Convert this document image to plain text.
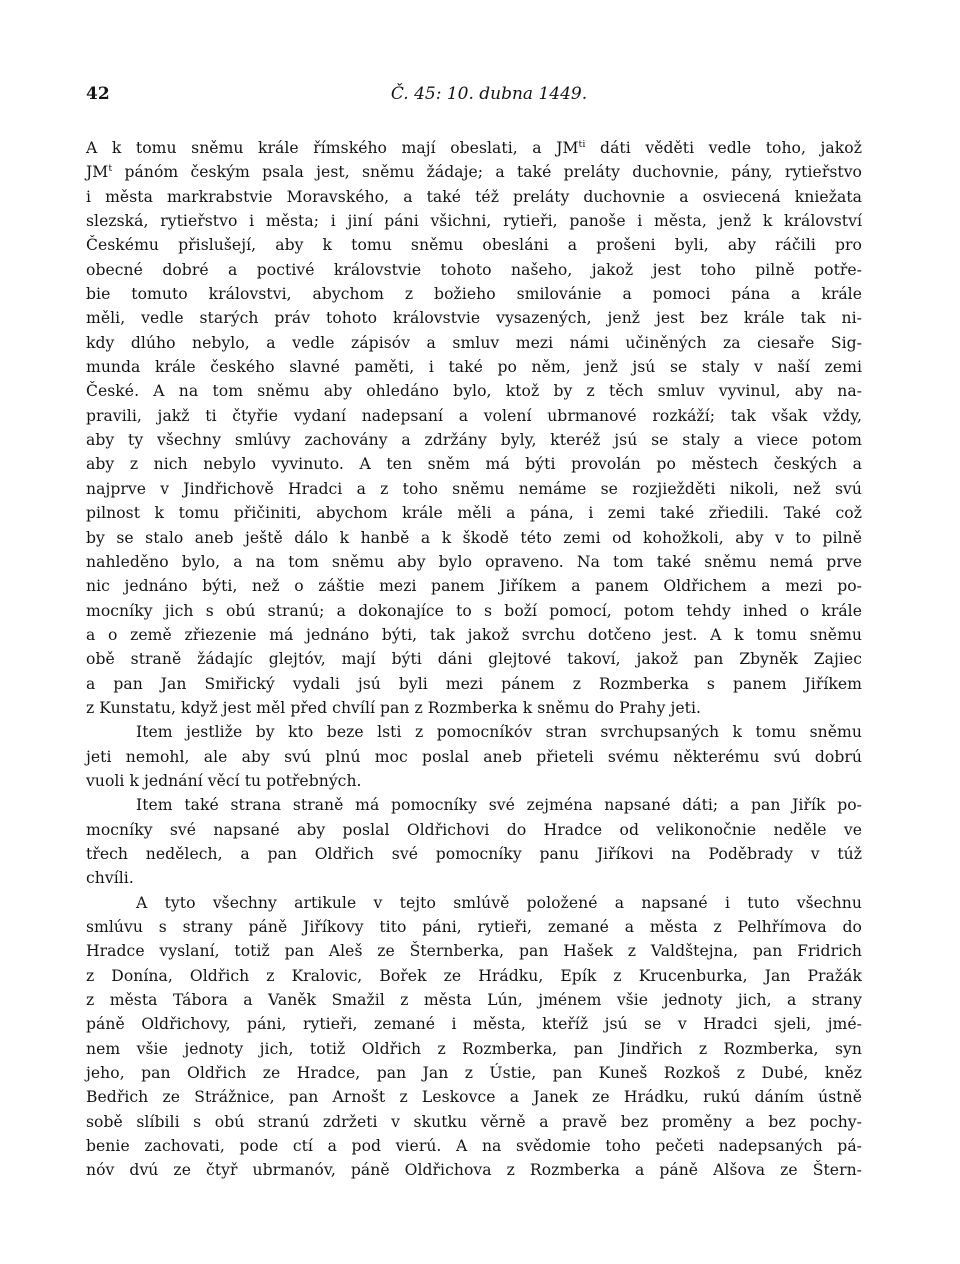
42	Č. 45: 10. dubna 1449.
A k tomu sněmu krále římského mají obeslati, a $JM^{ti}$ dáti věděti vedle toho, jakož
$JM^t$ pánóm českým psala jest, sněmu žádaje; a také preláty duchovnie, pány, rytieřstvo
i města markrabstvie Moravského, a také též preláty duchovnie a osviecená kniežata
slezská, rytieřstvo i města; i jiní páni všichni, rytieři, panoše i města, jenž k království
Českému přislušejí, aby k tomu sněmu obesláni a prošeni byli, aby ráčili pro
obecné dobré a poctivé královstvie tohoto našeho, jakož jest toho pilně potře-
bie tomuto královstvi, abychom z božieho smilovánie a pomoci pána a krále
měli, vedle starých práv tohoto královstvie vysazených, jenž jest bez krále tak ni-
kdy dlúho nebylo, a vedle zápisóv a smluv mezi námi učiněných za ciesaře Sig-
munda krále českého slavné paměti, i také po něm, jenž jsú se staly v naší zemi
České. A na tom sněmu aby ohledáno bylo, ktož by z těch smluv vyvinul, aby na-
pravili, jakž ti čtyřie vydaní nadepsaní a volení ubrmanové rozkáží; tak však vždy,
aby ty všechny smlúvy zachovány a zdržány byly, kteréž jsú se staly a viece potom
aby z nich nebylo vyvinuto. A ten sněm má býti provolán po městech českých a
najprve v Jindřichově Hradci a z toho sněmu nemáme se rozjiežděti nikoli, než svú
pilnost k tomu přičiniti, abychom krále měli a pána, i zemi také zřiedili. Také což
by se stalo aneb ještě dálo k hanbě a k škodě této zemi od kohožkoli, aby v to pilně
nahleděno bylo, a na tom sněmu aby bylo opraveno. Na tom také sněmu nemá prve
nic jednáno býti, než o záštie mezi panem Jiříkem a panem Oldřichem a mezi po-
mocníky jich s obú stranú; a dokonajíce to s boží pomocí, potom tehdy inhed o krále
a o země zřiezenie má jednáno býti, tak jakož svrchu dotčeno jest. A k tomu sněmu
obě straně žádajíc glejtóv, mají býti dáni glejtové takoví, jakož pan Zbyněk Zajiec
a pan Jan Smiřický vydali jsú byli mezi pánem z Rozmberka s panem Jiříkem
z Kunstatu, když jest měl před chvílí pan z Rozmberka k sněmu do Prahy jeti.
Item jestliže by kto beze lsti z pomocníkóv stran svrchupsaných k tomu sněmu
jeti nemohl, ale aby svú plnú moc poslal aneb přieteli svému některému svú dobrú
vuoli k jednání věcí tu potřebných.
Item také strana straně má pomocníky své zejména napsané dáti; a pan Jiřík po-
mocníky své napsané aby poslal Oldřichovi do Hradce od velikonočnie neděle ve
třech nedělech, a pan Oldřich své pomocníky panu Jiříkovi na Poděbrady v túž
chvíli.
A tyto všechny artikule v tejto smlúvě položené a napsané i tuto všechnu
smlúvu s strany páně Jiříkovy tito páni, rytieři, zemané a města z Pelhřímova do
Hradce vyslaní, totiž pan Aleš ze Šternberka, pan Hašek z Valdštejna, pan Fridrich
z Donína, Oldřich z Kralovic, Bořek ze Hrádku, Epík z Krucenburka, Jan Pražák
z města Tábora a Vaněk Smažil z města Lún, jménem všie jednoty jich, a strany
páně Oldřichovy, páni, rytieři, zemané i města, kteříž jsú se v Hradci sjeli, jmé-
nem všie jednoty jich, totiž Oldřich z Rozmberka, pan Jindřich z Rozmberka, syn
jeho, pan Oldřich ze Hradce, pan Jan z Ústie, pan Kuneš Rozkoš z Dubé, kněz
Bedřich ze Strážnice, pan Arnošt z Leskovce a Janek ze Hrádku, rukú dáním ústně
sobě slíbili s obú stranú zdržeti v skutku věrně a pravě bez proměny a bez pochy-
benie zachovati, pode ctí a pod vierú. A na svědomie toho pečeti nadepsaných pá-
nóv dvú ze čtyř ubrmanóv, páně Oldřichova z Rozmberka a páně Alšova ze Štern-
